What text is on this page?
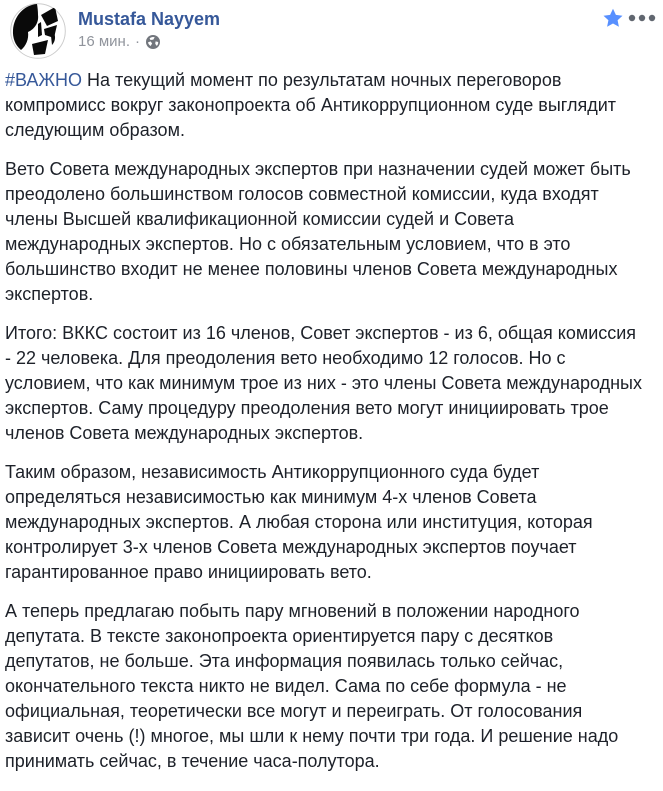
Mustafa Nayyem
16 мин. ·

#ВАЖНО На текущий момент по результатам ночных переговоров компромисс вокруг законопроекта об Антикоррупционном суде выглядит следующим образом.

Вето Совета международных экспертов при назначении судей может быть преодолено большинством голосов совместной комиссии, куда входят члены Высшей квалификационной комиссии судей и Совета международных экспертов. Но с обязательным условием, что в это большинство входит не менее половины членов Совета международных экспертов.

Итого: ВККС состоит из 16 членов, Совет экспертов - из 6, общая комиссия - 22 человека. Для преодоления вето необходимо 12 голосов. Но с условием, что как минимум трое из них - это члены Совета международных экспертов. Саму процедуру преодоления вето могут инициировать трое членов Совета международных экспертов.

Таким образом, независимость Антикоррупционного суда будет определяться независимостью как минимум 4-х членов Совета международных экспертов. А любая сторона или институция, которая контролирует 3-х членов Совета международных экспертов поучает гарантированное право инициировать вето.

А теперь предлагаю побыть пару мгновений в положении народного депутата. В тексте законопроекта ориентируется пару с десятков депутатов, не больше. Эта информация появилась только сейчас, окончательного текста никто не видел. Сама по себе формула - не официальная, теоретически все могут и переиграть. От голосования зависит очень (!) многое, мы шли к нему почти три года. И решение надо принимать сейчас, в течение часа-полутора.
